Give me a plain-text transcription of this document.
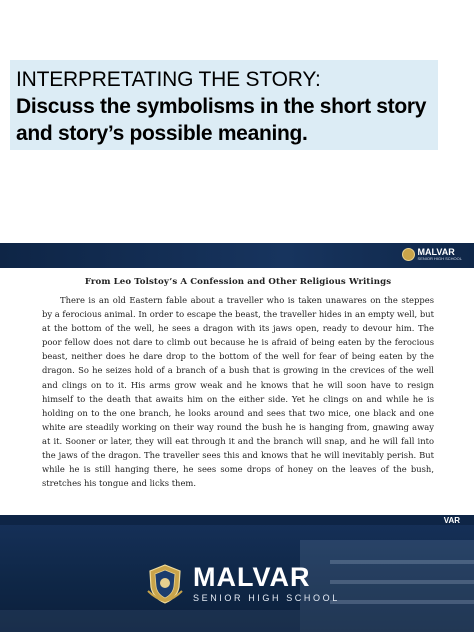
INTERPRETATING THE STORY:
Discuss the symbolisms in the short story and story’s possible meaning.
MALVAR
SENIOR HIGH SCHOOL
From Leo Tolstoy’s A Confession and Other Religious Writings
There is an old Eastern fable about a traveller who is taken unawares on the steppes by a ferocious animal. In order to escape the beast, the traveller hides in an empty well, but at the bottom of the well, he sees a dragon with its jaws open, ready to devour him. The poor fellow does not dare to climb out because he is afraid of being eaten by the ferocious beast, neither does he dare drop to the bottom of the well for fear of being eaten by the dragon. So he seizes hold of a branch of a bush that is growing in the crevices of the well and clings on to it. His arms grow weak and he knows that he will soon have to resign himself to the death that awaits him on the either side. Yet he clings on and while he is holding on to the one branch, he looks around and sees that two mice, one black and one white are steadily working on their way round the bush he is hanging from, gnawing away at it. Sooner or later, they will eat through it and the branch will snap, and he will fall into the jaws of the dragon. The traveller sees this and knows that he will inevitably perish. But while he is still hanging there, he sees some drops of honey on the leaves of the bush, stretches his tongue and licks them.
VAR
MALVAR
SENIOR HIGH SCHOOL
